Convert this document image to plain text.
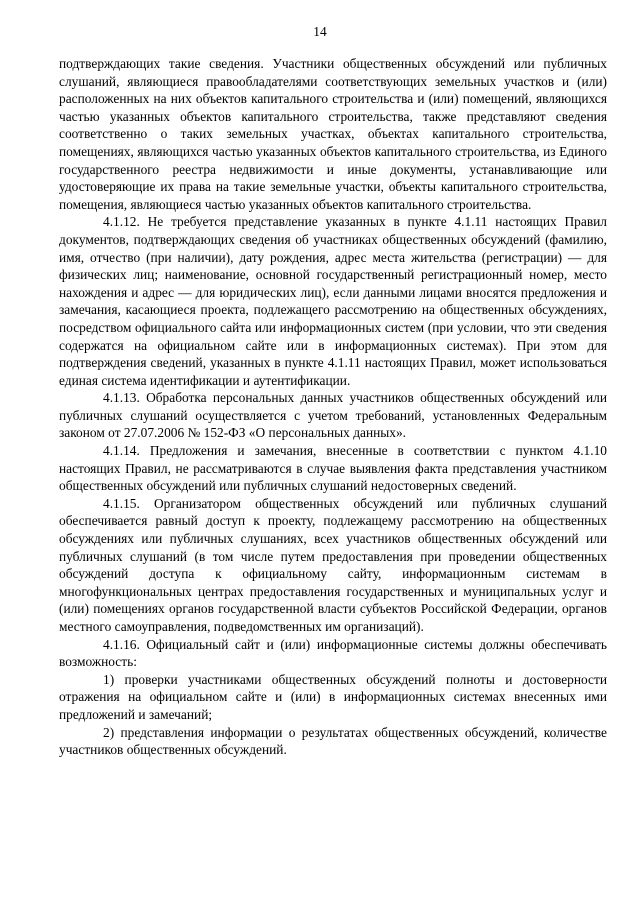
14

подтверждающих такие сведения. Участники общественных обсуждений или публичных слушаний, являющиеся правообладателями соответствующих земельных участков и (или) расположенных на них объектов капитального строительства и (или) помещений, являющихся частью указанных объектов капитального строительства, также представляют сведения соответственно о таких земельных участках, объектах капитального строительства, помещениях, являющихся частью указанных объектов капитального строительства, из Единого государственного реестра недвижимости и иные документы, устанавливающие или удостоверяющие их права на такие земельные участки, объекты капитального строительства, помещения, являющиеся частью указанных объектов капитального строительства.

4.1.12. Не требуется представление указанных в пункте 4.1.11 настоящих Правил документов, подтверждающих сведения об участниках общественных обсуждений (фамилию, имя, отчество (при наличии), дату рождения, адрес места жительства (регистрации) — для физических лиц; наименование, основной государственный регистрационный номер, место нахождения и адрес — для юридических лиц), если данными лицами вносятся предложения и замечания, касающиеся проекта, подлежащего рассмотрению на общественных обсуждениях, посредством официального сайта или информационных систем (при условии, что эти сведения содержатся на официальном сайте или в информационных системах). При этом для подтверждения сведений, указанных в пункте 4.1.11 настоящих Правил, может использоваться единая система идентификации и аутентификации.

4.1.13. Обработка персональных данных участников общественных обсуждений или публичных слушаний осуществляется с учетом требований, установленных Федеральным законом от 27.07.2006 № 152-ФЗ «О персональных данных».

4.1.14. Предложения и замечания, внесенные в соответствии с пунктом 4.1.10 настоящих Правил, не рассматриваются в случае выявления факта представления участником общественных обсуждений или публичных слушаний недостоверных сведений.

4.1.15. Организатором общественных обсуждений или публичных слушаний обеспечивается равный доступ к проекту, подлежащему рассмотрению на общественных обсуждениях или публичных слушаниях, всех участников общественных обсуждений или публичных слушаний (в том числе путем предоставления при проведении общественных обсуждений доступа к официальному сайту, информационным системам в многофункциональных центрах предоставления государственных и муниципальных услуг и (или) помещениях органов государственной власти субъектов Российской Федерации, органов местного самоуправления, подведомственных им организаций).

4.1.16. Официальный сайт и (или) информационные системы должны обеспечивать возможность:

1) проверки участниками общественных обсуждений полноты и достоверности отражения на официальном сайте и (или) в информационных системах внесенных ими предложений и замечаний;

2) представления информации о результатах общественных обсуждений, количестве участников общественных обсуждений.
